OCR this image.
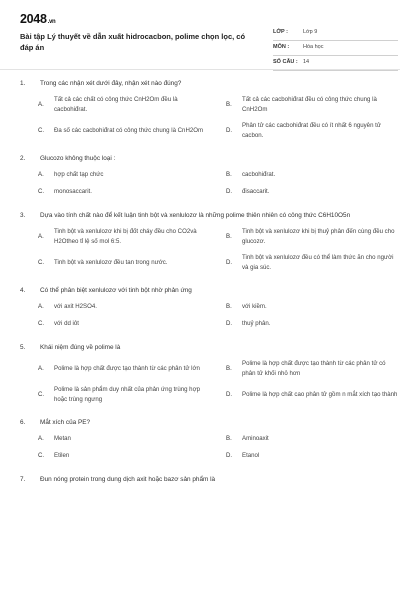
2048.vn
Bài tập Lý thuyết về dẫn xuất hidrocacbon, polime chọn lọc, có đáp án
LỚP :	Lớp 9
MÔN :	Hóa học
SỐ CÂU : 14
1. Trong các nhận xét dưới đây, nhận xét nào đúng?
A.
Tất cả các chất có công thức CnH2Om đều là cacbohiđrat.
B.
Tất cả các cacbohiđrat đều có công thức chung là CnH2Om
C.	Đa số các cacbohiđrat có công thức chung là CnH2Om	D.
Phân tử các cacbohiđrat đều có ít nhất 6 nguyên tử cacbon.
2. Glucozo không thuộc loại :
A.	hợp chất tạp chức	B.	cacbohiđrat.
C.	monosaccarit.	D.	đisaccarit.
3. Dựa vào tính chất nào để kết luận tinh bột và xenlulozơ là những polime thiên nhiên có công thức C6H10O5n
A.
Tinh bột và xenlulozơ khi bị đốt cháy đều cho CO2và H2Otheo tỉ lệ số mol 6:5.
B.
Tinh bột và xenlulozơ khi bị thuỷ phân đến cùng đều cho glucozơ.
C.	Tinh bột và xenlulozơ đều tan trong nước.	D.
Tinh bột và xenlulozơ đều có thể làm thức ăn cho người và gia súc.
4. Có thể phân biệt xenlulozơ với tinh bột nhờ phản ứng
A.	với axit H2SO4.	B.	với kiềm.
C.	với dd iôt	D.	thuỷ phân.
5. Khái niệm đúng về polime là
A.	Polime là hợp chất được tạo thành từ các phân tử lớn	B.
Polime là hợp chất được tạo thành từ các phân tử có phân tử khối nhỏ hơn
C.
Polime là sản phẩm duy nhất của phản ứng trùng hợp hoặc trùng ngưng
D.	Polime là hợp chất cao phân tử gồm n mắt xích tạo thành
6. Mắt xích của PE?
A.	Metan	B.	Aminoaxit
C.	Etilen	D.	Etanol
7. Đun nóng protein trong dung dịch axit hoặc bazơ sản phẩm là
